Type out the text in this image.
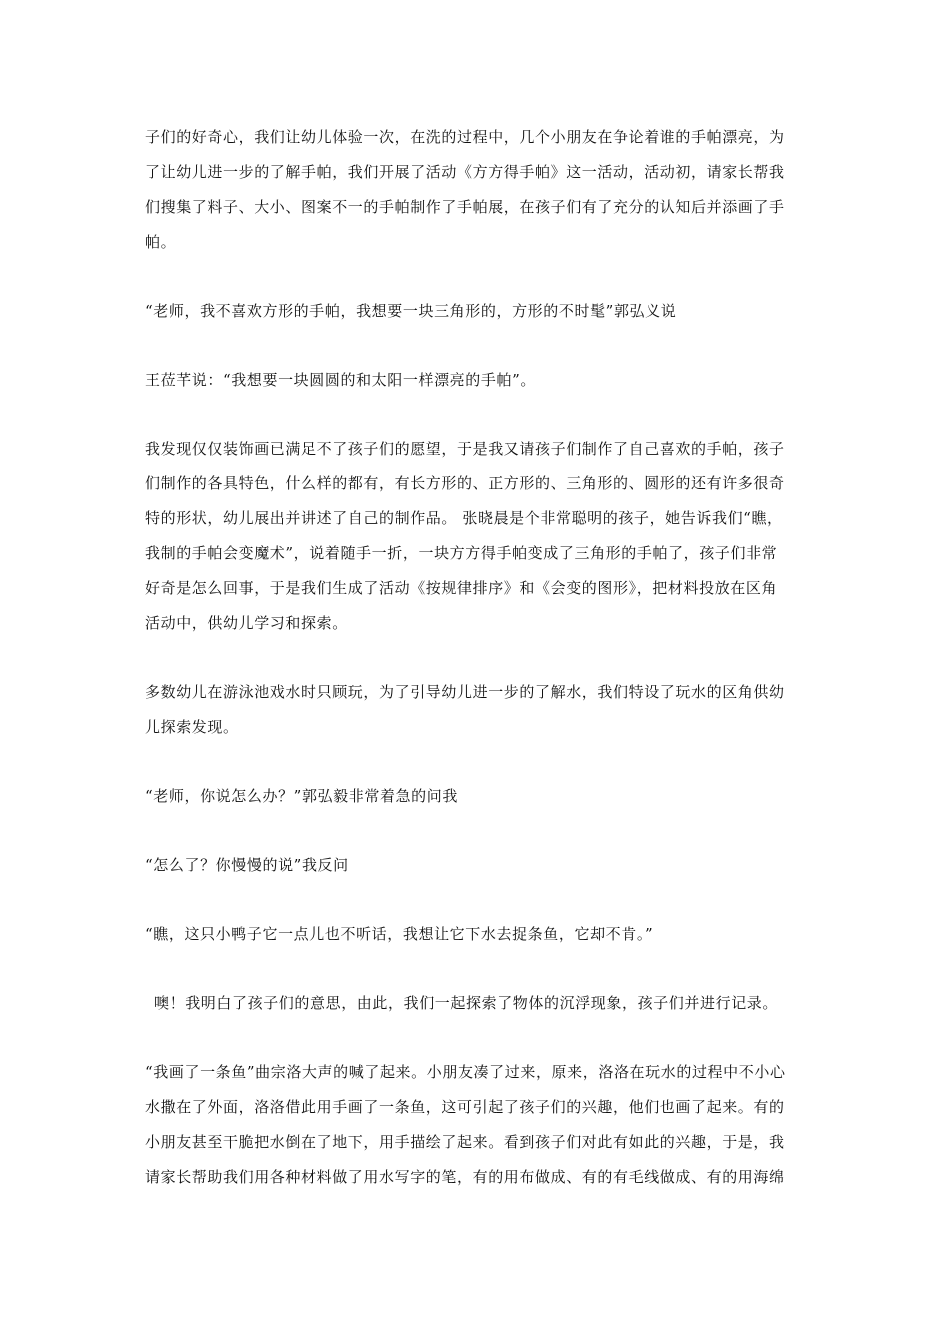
子们的好奇心，我们让幼儿体验一次，在洗的过程中，几个小朋友在争论着谁的手帕漂亮，为
了让幼儿进一步的了解手帕，我们开展了活动《方方得手帕》这一活动，活动初，请家长帮我
们搜集了料子、大小、图案不一的手帕制作了手帕展，在孩子们有了充分的认知后并添画了手
帕。
“老师，我不喜欢方形的手帕，我想要一块三角形的，方形的不时髦”郭弘义说
王莅芊说：“我想要一块圆圆的和太阳一样漂亮的手帕”。
我发现仅仅装饰画已满足不了孩子们的愿望，于是我又请孩子们制作了自己喜欢的手帕，孩子
们制作的各具特色，什么样的都有，有长方形的、正方形的、三角形的、圆形的还有许多很奇
特的形状，幼儿展出并讲述了自己的制作品。 张晓晨是个非常聪明的孩子，她告诉我们“瞧，
我制的手帕会变魔术”，说着随手一折，一块方方得手帕变成了三角形的手帕了，孩子们非常
好奇是怎么回事，于是我们生成了活动《按规律排序》和《会变的图形》，把材料投放在区角
活动中，供幼儿学习和探索。
多数幼儿在游泳池戏水时只顾玩，为了引导幼儿进一步的了解水，我们特设了玩水的区角供幼
儿探索发现。
“老师，你说怎么办？”郭弘毅非常着急的问我
“怎么了？你慢慢的说”我反问
“瞧，这只小鸭子它一点儿也不听话，我想让它下水去捉条鱼，它却不肯。”
噢！我明白了孩子们的意思，由此，我们一起探索了物体的沉浮现象，孩子们并进行记录。
“我画了一条鱼”曲宗洛大声的喊了起来。小朋友凑了过来，原来，洛洛在玩水的过程中不小心
水撒在了外面，洛洛借此用手画了一条鱼，这可引起了孩子们的兴趣，他们也画了起来。有的
小朋友甚至干脆把水倒在了地下，用手描绘了起来。看到孩子们对此有如此的兴趣，于是，我
请家长帮助我们用各种材料做了用水写字的笔，有的用布做成、有的有毛线做成、有的用海绵
